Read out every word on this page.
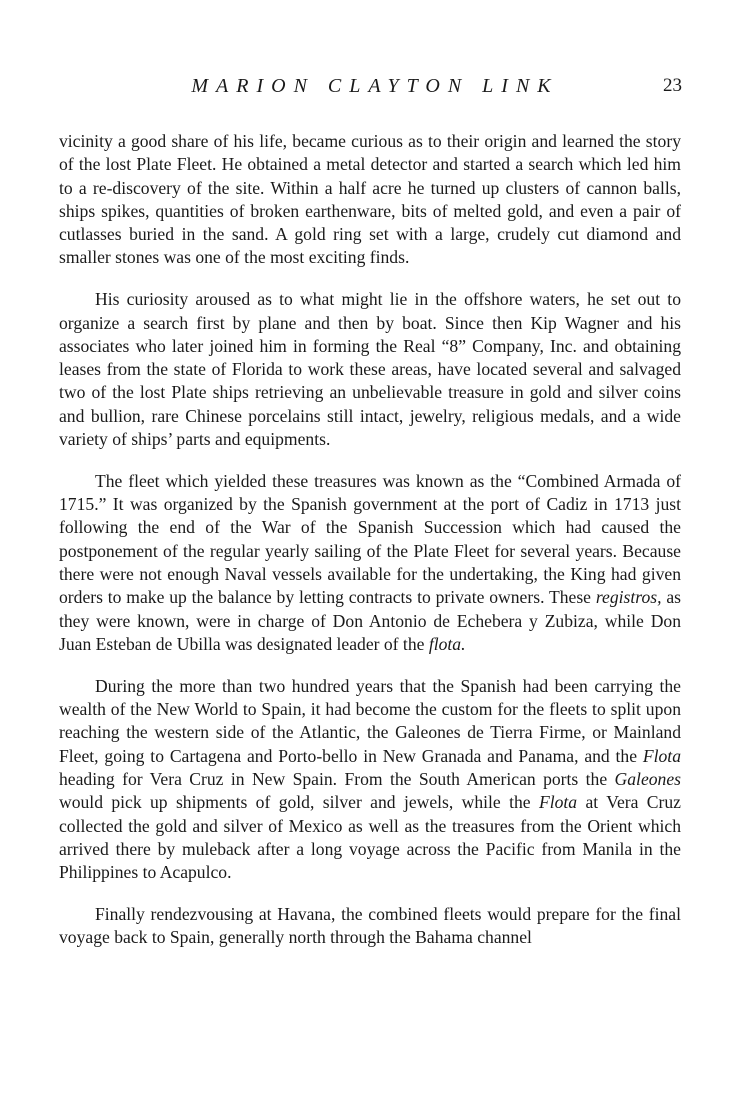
MARION CLAYTON LINK	23

vicinity a good share of his life, became curious as to their origin and learned the story of the lost Plate Fleet. He obtained a metal detector and started a search which led him to a re-discovery of the site. Within a half acre he turned up clusters of cannon balls, ships spikes, quantities of broken earthenware, bits of melted gold, and even a pair of cutlasses buried in the sand. A gold ring set with a large, crudely cut diamond and smaller stones was one of the most exciting finds.

His curiosity aroused as to what might lie in the offshore waters, he set out to organize a search first by plane and then by boat. Since then Kip Wagner and his associates who later joined him in forming the Real “8” Company, Inc. and obtaining leases from the state of Florida to work these areas, have located several and salvaged two of the lost Plate ships retrieving an unbelievable treasure in gold and silver coins and bullion, rare Chinese porcelains still intact, jewelry, religious medals, and a wide variety of ships’ parts and equipments.

The fleet which yielded these treasures was known as the “Combined Armada of 1715.” It was organized by the Spanish government at the port of Cadiz in 1713 just following the end of the War of the Spanish Succession which had caused the postponement of the regular yearly sailing of the Plate Fleet for several years. Because there were not enough Naval vessels available for the undertaking, the King had given orders to make up the balance by letting contracts to private owners. These registros, as they were known, were in charge of Don Antonio de Echebera y Zubiza, while Don Juan Esteban de Ubilla was designated leader of the flota.

During the more than two hundred years that the Spanish had been carrying the wealth of the New World to Spain, it had become the custom for the fleets to split upon reaching the western side of the Atlantic, the Galeones de Tierra Firme, or Mainland Fleet, going to Cartagena and Porto-bello in New Granada and Panama, and the Flota heading for Vera Cruz in New Spain. From the South American ports the Galeones would pick up shipments of gold, silver and jewels, while the Flota at Vera Cruz collected the gold and silver of Mexico as well as the treasures from the Orient which arrived there by muleback after a long voyage across the Pacific from Manila in the Philippines to Acapulco.

Finally rendezvousing at Havana, the combined fleets would prepare for the final voyage back to Spain, generally north through the Bahama channel
